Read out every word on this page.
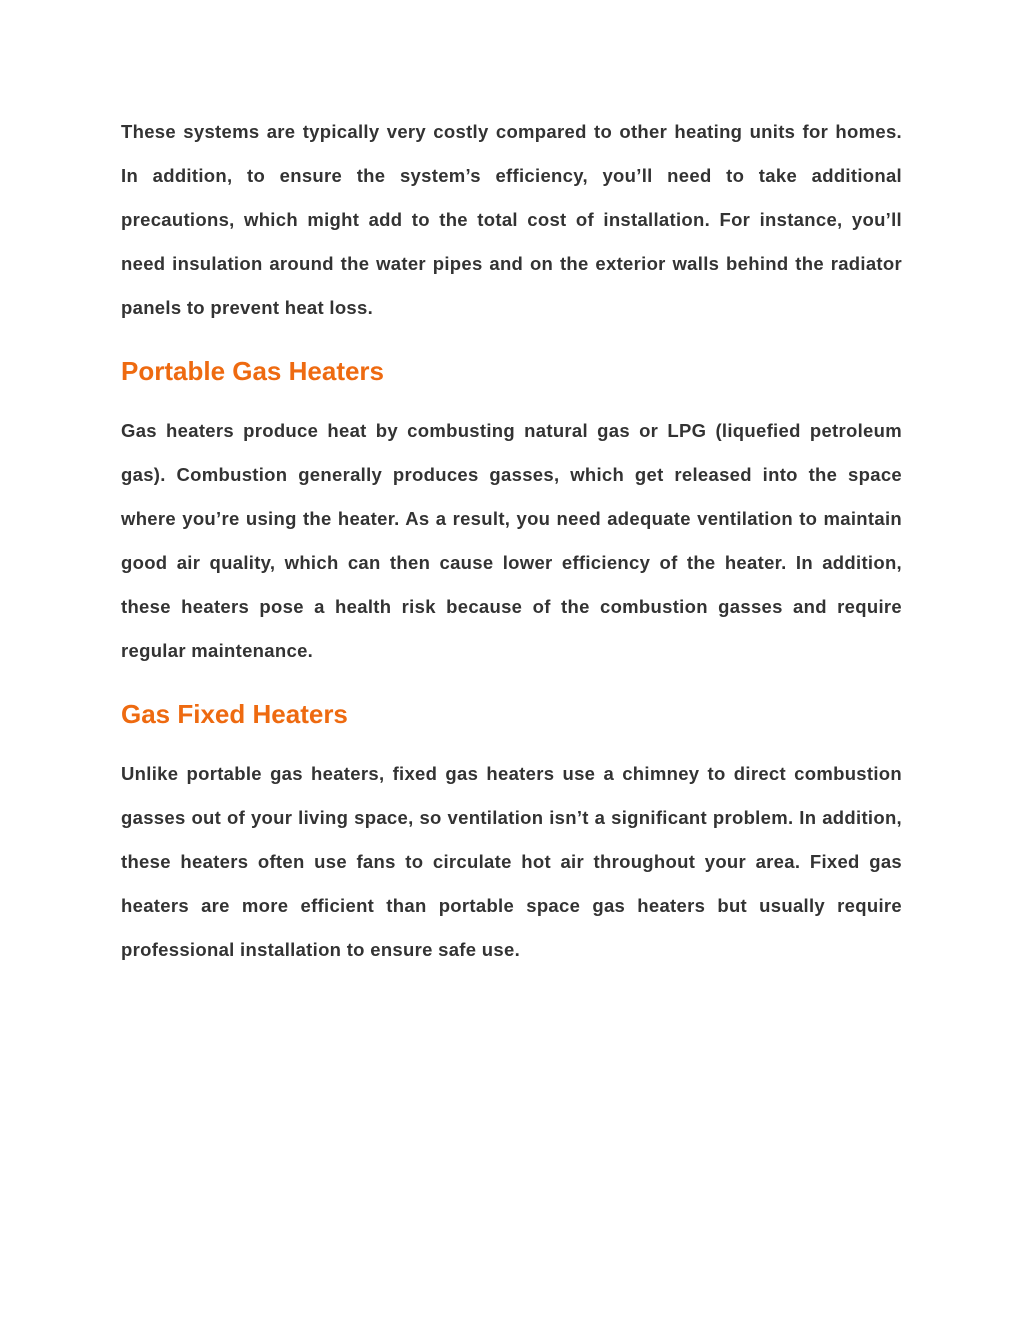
These systems are typically very costly compared to other heating units for homes. In addition, to ensure the system’s efficiency, you’ll need to take additional precautions, which might add to the total cost of installation. For instance, you’ll need insulation around the water pipes and on the exterior walls behind the radiator panels to prevent heat loss.

Portable Gas Heaters

Gas heaters produce heat by combusting natural gas or LPG (liquefied petroleum gas). Combustion generally produces gasses, which get released into the space where you’re using the heater. As a result, you need adequate ventilation to maintain good air quality, which can then cause lower efficiency of the heater. In addition, these heaters pose a health risk because of the combustion gasses and require regular maintenance.

Gas Fixed Heaters

Unlike portable gas heaters, fixed gas heaters use a chimney to direct combustion gasses out of your living space, so ventilation isn’t a significant problem. In addition, these heaters often use fans to circulate hot air throughout your area. Fixed gas heaters are more efficient than portable space gas heaters but usually require professional installation to ensure safe use.
